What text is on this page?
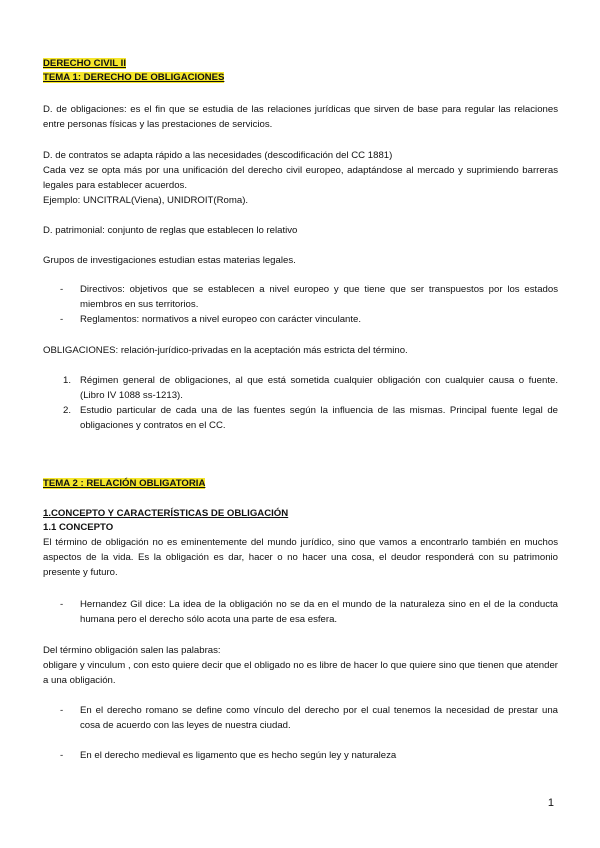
DERECHO CIVIL II

TEMA 1: DERECHO DE OBLIGACIONES

D. de obligaciones: es el fin que se estudia de las relaciones jurídicas que sirven de base para regular las relaciones entre personas físicas y las prestaciones de servicios.

D. de contratos se adapta rápido a las necesidades (descodificación del CC 1881)

Cada vez se opta más por una unificación del derecho civil europeo, adaptándose al mercado y suprimiendo barreras legales para establecer acuerdos.

Ejemplo: UNCITRAL(Viena), UNIDROIT(Roma).

D. patrimonial: conjunto de reglas que establecen lo relativo

Grupos de investigaciones estudian estas materias legales.

- Directivos: objetivos que se establecen a nivel europeo y que tiene que ser transpuestos por los estados miembros en sus territorios.

- Reglamentos: normativos a nivel europeo con carácter vinculante.

OBLIGACIONES: relación-jurídico-privadas en la aceptación más estricta del término.

1. Régimen general de obligaciones, al que está sometida cualquier obligación con cualquier causa o fuente. (Libro IV 1088 ss-1213).

2. Estudio particular de cada una de las fuentes según la influencia de las mismas. Principal fuente legal de obligaciones y contratos en el CC.

TEMA 2 : RELACIÓN OBLIGATORIA

1.CONCEPTO Y CARACTERÍSTICAS DE OBLIGACIÓN

1.1 CONCEPTO

El término de obligación no es eminentemente del mundo jurídico, sino que vamos a encontrarlo también en muchos aspectos de la vida. Es la obligación es dar, hacer o no hacer una cosa, el deudor responderá con su patrimonio presente y futuro.

- Hernandez Gil dice: La idea de la obligación no se da en el mundo de la naturaleza sino en el de la conducta humana pero el derecho sólo acota una parte de esa esfera.

Del término obligación salen las palabras:

obligare y vinculum , con esto quiere decir que el obligado no es libre de hacer lo que quiere sino que tienen que atender a una obligación.

- En el derecho romano se define como vínculo del derecho por el cual tenemos la necesidad de prestar una cosa de acuerdo con las leyes de nuestra ciudad.

- En el derecho medieval es ligamento que es hecho según ley y naturaleza

1
